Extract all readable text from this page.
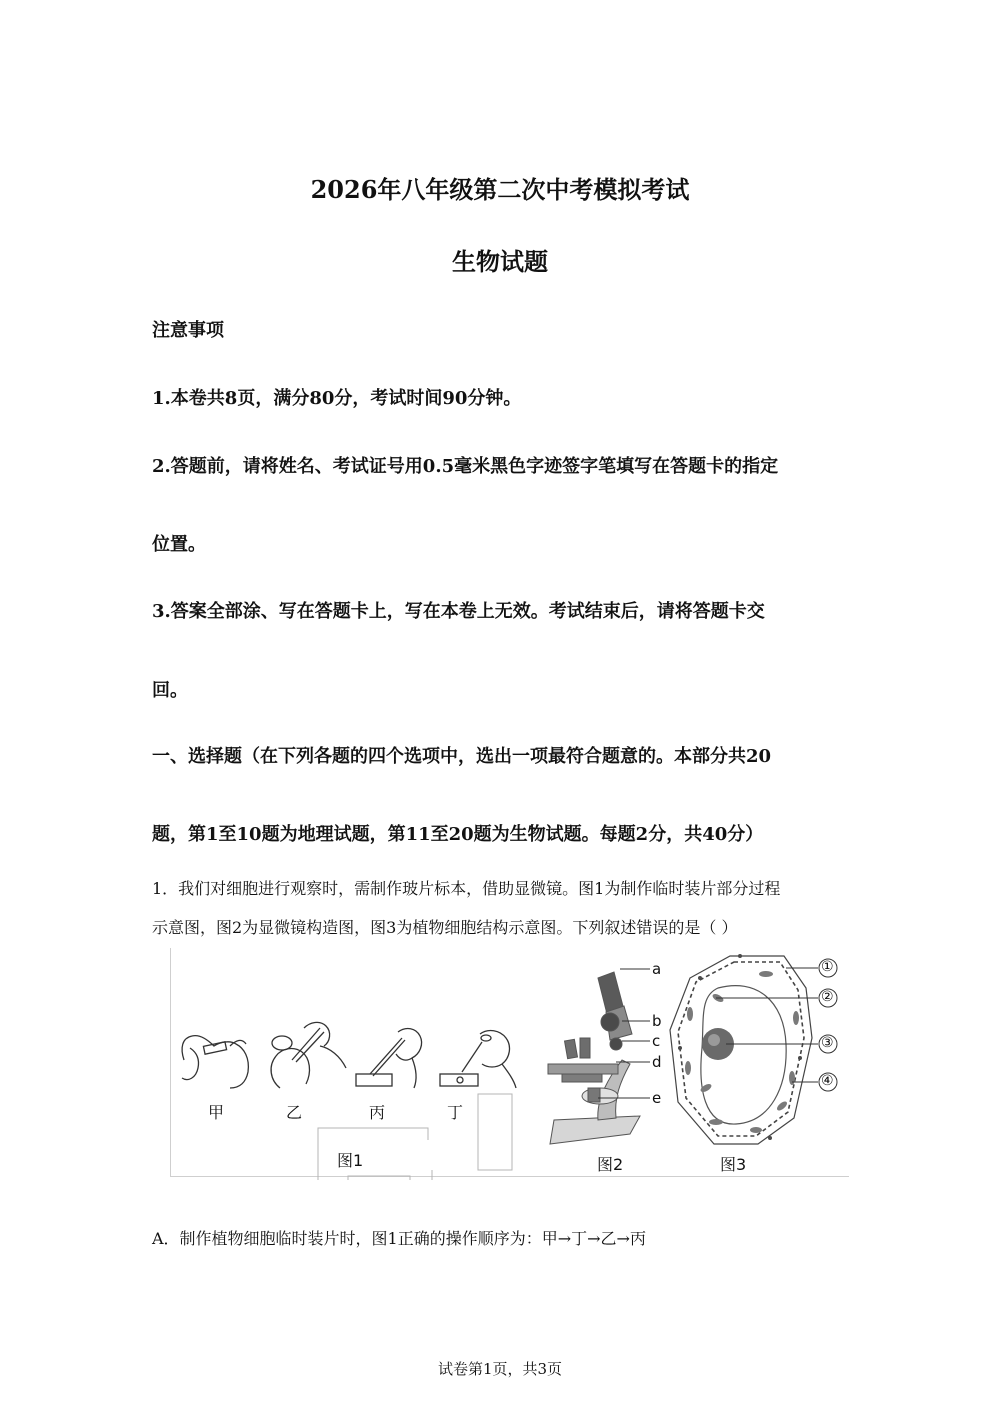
2026年八年级第二次中考模拟考试
生物试题
注意事项
1.本卷共8页，满分80分，考试时间90分钟。
2.答题前，请将姓名、考试证号用0.5毫米黑色字迹签字笔填写在答题卡的指定
位置。
3.答案全部涂、写在答题卡上，写在本卷上无效。考试结束后，请将答题卡交
回。
一、选择题（在下列各题的四个选项中，选出一项最符合题意的。本部分共20
题，第1至10题为地理试题，第11至20题为生物试题。每题2分，共40分）
1．我们对细胞进行观察时，需制作玻片标本，借助显微镜。图1为制作临时装片部分过程
示意图，图2为显微镜构造图，图3为植物细胞结构示意图。下列叙述错误的是（ ）
甲	乙	丙	丁
图1
a
b
c
d
e
图2
①
②
③
④
图3
A．制作植物细胞临时装片时，图1正确的操作顺序为：甲→丁→乙→丙
试卷第1页，共3页
